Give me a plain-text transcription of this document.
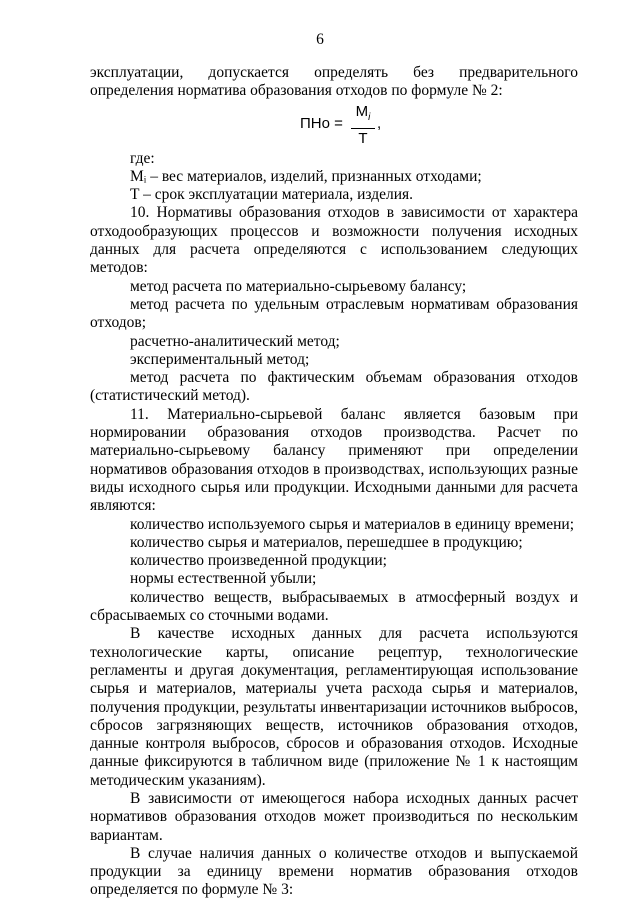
6

эксплуатации, допускается определять без предварительного определения норматива образования отходов по формуле № 2:

ПНо = $\frac{M_i}{T}$ ,

где:

Mᵢ – вес материалов, изделий, признанных отходами;

T – срок эксплуатации материала, изделия.

10. Нормативы образования отходов в зависимости от характера отходообразующих процессов и возможности получения исходных данных для расчета определяются с использованием следующих методов:

метод расчета по материально-сырьевому балансу;

метод расчета по удельным отраслевым нормативам образования отходов;

расчетно-аналитический метод;

экспериментальный метод;

метод расчета по фактическим объемам образования отходов (статистический метод).

11. Материально-сырьевой баланс является базовым при нормировании образования отходов производства. Расчет по материально-сырьевому балансу применяют при определении нормативов образования отходов в производствах, использующих разные виды исходного сырья или продукции. Исходными данными для расчета являются:

количество используемого сырья и материалов в единицу времени;

количество сырья и материалов, перешедшее в продукцию;

количество произведенной продукции;

нормы естественной убыли;

количество веществ, выбрасываемых в атмосферный воздух и сбрасываемых со сточными водами.

В качестве исходных данных для расчета используются технологические карты, описание рецептур, технологические регламенты и другая документация, регламентирующая использование сырья и материалов, материалы учета расхода сырья и материалов, получения продукции, результаты инвентаризации источников выбросов, сбросов загрязняющих веществ, источников образования отходов, данные контроля выбросов, сбросов и образования отходов. Исходные данные фиксируются в табличном виде (приложение № 1 к настоящим методическим указаниям).

В зависимости от имеющегося набора исходных данных расчет нормативов образования отходов может производиться по нескольким вариантам.

В случае наличия данных о количестве отходов и выпускаемой продукции за единицу времени норматив образования отходов определяется по формуле № 3:
